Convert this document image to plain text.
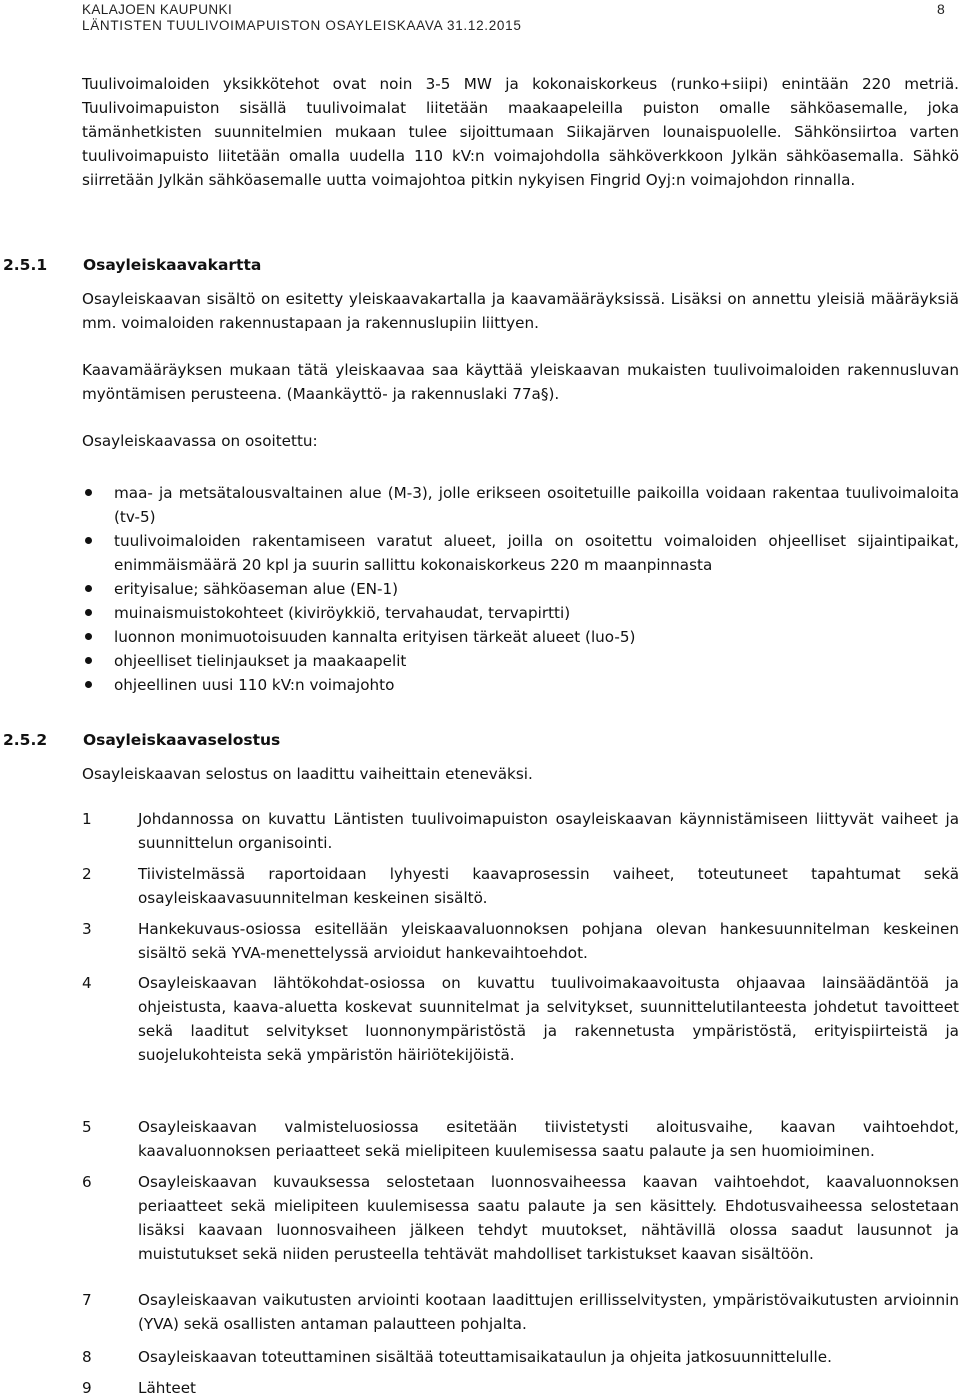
KALAJOEN KAUPUNKI
LÄNTISTEN TUULIVOIMAPUISTON OSAYLEISKAAVA 31.12.2015
8

Tuulivoimaloiden yksikkötehot ovat noin 3-5 MW ja kokonaiskorkeus (runko+siipi) enintään 220 metriä. Tuulivoimapuiston sisällä tuulivoimalat liitetään maakaapeleilla puiston omalle sähköasemalle, joka tämänhetkisten suunnitelmien mukaan tulee sijoittumaan Siikajärven lounaispuolelle. Sähkönsiirtoa varten tuulivoimapuisto liitetään omalla uudella 110 kV:n voimajohdolla sähköverkkoon Jylkän sähköasemalla. Sähkö siirretään Jylkän sähköasemalle uutta voimajohtoa pitkin nykyisen Fingrid Oyj:n voimajohdon rinnalla.

2.5.1 Osayleiskaavakartta

Osayleiskaavan sisältö on esitetty yleiskaavakartalla ja kaavamääräyksissä. Lisäksi on annettu yleisiä määräyksiä mm. voimaloiden rakennustapaan ja rakennuslupiin liittyen.

Kaavamääräyksen mukaan tätä yleiskaavaa saa käyttää yleiskaavan mukaisten tuulivoimaloiden rakennusluvan myöntämisen perusteena. (Maankäyttö- ja rakennuslaki 77a§).

Osayleiskaavassa on osoitettu:

maa- ja metsätalousvaltainen alue (M-3), jolle erikseen osoitetuille paikoilla voidaan rakentaa tuulivoimaloita (tv-5)
tuulivoimaloiden rakentamiseen varatut alueet, joilla on osoitettu voimaloiden ohjeelliset sijaintipaikat, enimmäismäärä 20 kpl ja suurin sallittu kokonaiskorkeus 220 m maanpinnasta
erityisalue; sähköaseman alue (EN-1)
muinaismuistokohteet (kiviröykkiö, tervahaudat, tervapirtti)
luonnon monimuotoisuuden kannalta erityisen tärkeät alueet (luo-5)
ohjeelliset tielinjaukset ja maakaapelit
ohjeellinen uusi 110 kV:n voimajohto
2.5.2 Osayleiskaavaselostus

Osayleiskaavan selostus on laadittu vaiheittain eteneväksi.

1	Johdannossa on kuvattu Läntisten tuulivoimapuiston osayleiskaavan käynnistämiseen liittyvät vaiheet ja suunnittelun organisointi.
2	Tiivistelmässä raportoidaan lyhyesti kaavaprosessin vaiheet, toteutuneet tapahtumat sekä osayleiskaavasuunnitelman keskeinen sisältö.
3	Hankekuvaus-osiossa esitellään yleiskaavaluonnoksen pohjana olevan hankesuunnitelman keskeinen sisältö sekä YVA-menettelyssä arvioidut hankevaihtoehdot.
4	Osayleiskaavan lähtökohdat-osiossa on kuvattu tuulivoimakaavoitusta ohjaavaa lainsäädäntöä ja ohjeistusta, kaava-aluetta koskevat suunnitelmat ja selvitykset, suunnittelutilanteesta johdetut tavoitteet sekä laaditut selvitykset luonnonympäristöstä ja rakennetusta ympäristöstä, erityispiirteistä ja suojelukohteista sekä ympäristön häiriötekijöistä.
5	Osayleiskaavan valmisteluosiossa esitetään tiivistetysti aloitusvaihe, kaavan vaihtoehdot, kaavaluonnoksen periaatteet sekä mielipiteen kuulemisessa saatu palaute ja sen huomioiminen.
6	Osayleiskaavan kuvauksessa selostetaan luonnosvaiheessa kaavan vaihtoehdot, kaavaluonnoksen periaatteet sekä mielipiteen kuulemisessa saatu palaute ja sen käsittely. Ehdotusvaiheessa selostetaan lisäksi kaavaan luonnosvaiheen jälkeen tehdyt muutokset, nähtävillä olossa saadut lausunnot ja muistutukset sekä niiden perusteella tehtävät mahdolliset tarkistukset kaavan sisältöön.
7	Osayleiskaavan vaikutusten arviointi kootaan laadittujen erillisselvitysten, ympäristövaikutusten arvioinnin (YVA) sekä osallisten antaman palautteen pohjalta.
8	Osayleiskaavan toteuttaminen sisältää toteuttamisaikataulun ja ohjeita jatkosuunnittelulle.
9	Lähteet
